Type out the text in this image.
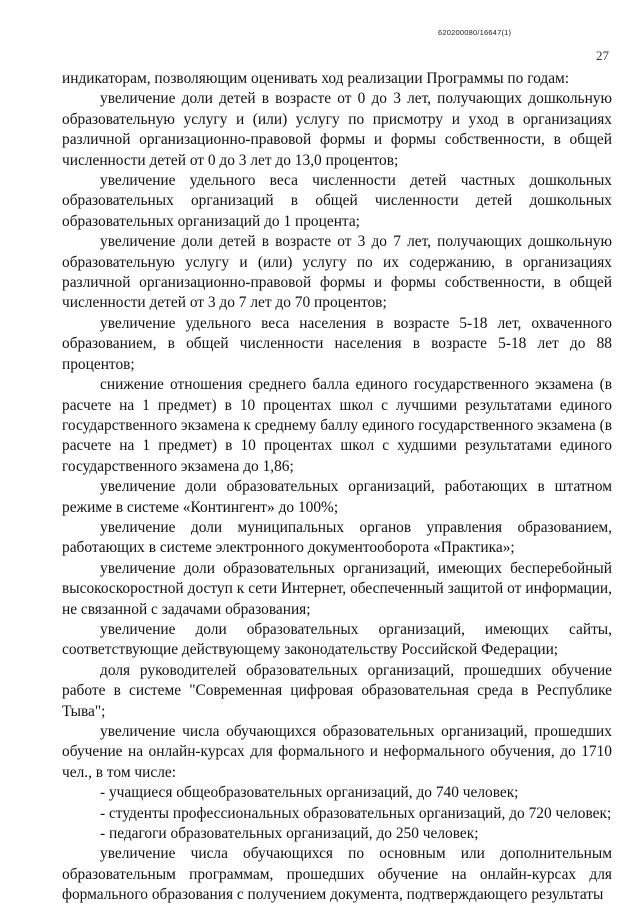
620200080/16647(1)
27

индикаторам, позволяющим оценивать ход реализации Программы по годам:

увеличение доли детей в возрасте от 0 до 3 лет, получающих дошкольную образовательную услугу и (или) услугу по присмотру и уход в организациях различной организационно-правовой формы и формы собственности, в общей численности детей от 0 до 3 лет до 13,0 процентов;

увеличение удельного веса численности детей частных дошкольных образовательных организаций в общей численности детей дошкольных образовательных организаций до 1 процента;

увеличение доли детей в возрасте от 3 до 7 лет, получающих дошкольную образовательную услугу и (или) услугу по их содержанию, в организациях различной организационно-правовой формы и формы собственности, в общей численности детей от 3 до 7 лет до 70 процентов;

увеличение удельного веса населения в возрасте 5-18 лет, охваченного образованием, в общей численности населения в возрасте 5-18 лет до 88 процентов;

снижение отношения среднего балла единого государственного экзамена (в расчете на 1 предмет) в 10 процентах школ с лучшими результатами единого государственного экзамена к среднему баллу единого государственного экзамена (в расчете на 1 предмет) в 10 процентах школ с худшими результатами единого государственного экзамена до 1,86;

увеличение доли образовательных организаций, работающих в штатном режиме в системе «Контингент» до 100%;

увеличение доли муниципальных органов управления образованием, работающих в системе электронного документооборота «Практика»;

увеличение доли образовательных организаций, имеющих бесперебойный высокоскоростной доступ к сети Интернет, обеспеченный защитой от информации, не связанной с задачами образования;

увеличение доли образовательных организаций, имеющих сайты, соответствующие действующему законодательству Российской Федерации;

доля руководителей образовательных организаций, прошедших обучение работе в системе "Современная цифровая образовательная среда в Республике Тыва";

увеличение числа обучающихся образовательных организаций, прошедших обучение на онлайн-курсах для формального и неформального обучения, до 1710 чел., в том числе:

- учащиеся общеобразовательных организаций, до 740 человек;

- студенты профессиональных образовательных организаций, до 720 человек;

- педагоги образовательных организаций, до 250 человек;

увеличение числа обучающихся по основным или дополнительным образовательным программам, прошедших обучение на онлайн-курсах для формального образования с получением документа, подтверждающего результаты
